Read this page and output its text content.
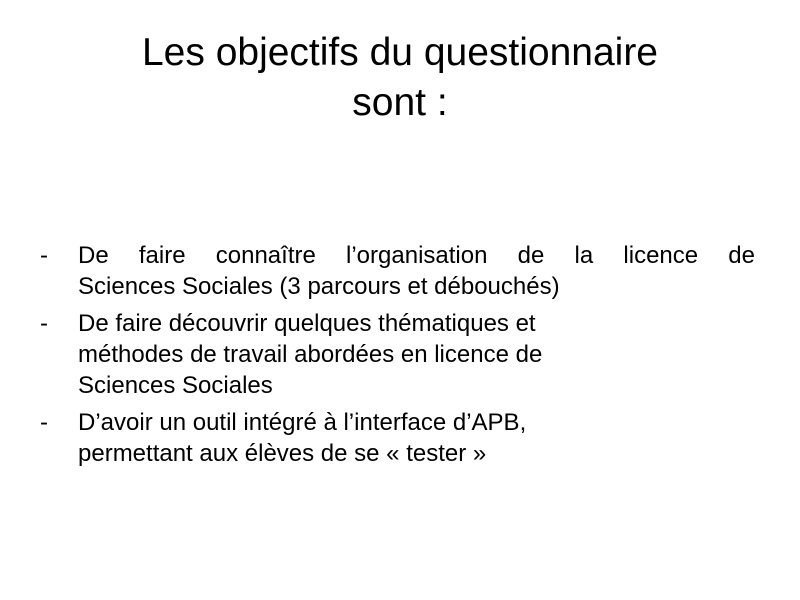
Les objectifs du questionnaire
sont :
-	De faire connaître l’organisation de la licence de
Sciences Sociales (3 parcours et débouchés)
-	De faire découvrir quelques thématiques et
méthodes de travail abordées en licence de
Sciences Sociales
-	D’avoir un outil intégré à l’interface d’APB,
permettant aux élèves de se « tester »
